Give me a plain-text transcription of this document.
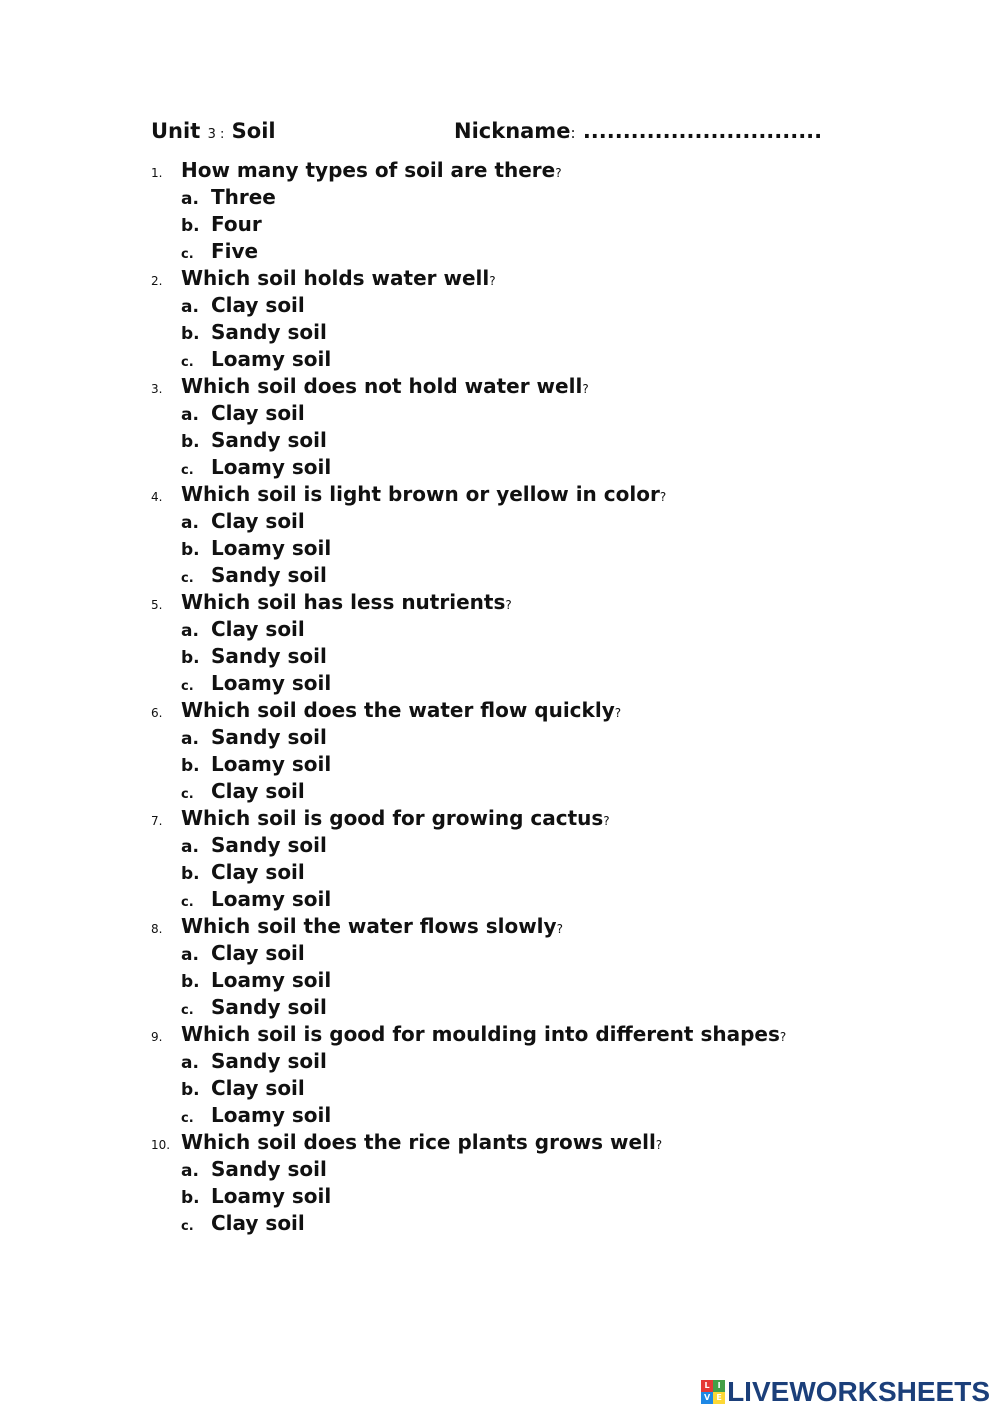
Unit 3 : Soil	Nickname: ..............................
1. How many types of soil are there?
a. Three
b. Four
c. Five
2. Which soil holds water well?
a. Clay soil
b. Sandy soil
c. Loamy soil
3. Which soil does not hold water well?
a. Clay soil
b. Sandy soil
c. Loamy soil
4. Which soil is light brown or yellow in color?
a. Clay soil
b. Loamy soil
c. Sandy soil
5. Which soil has less nutrients?
a. Clay soil
b. Sandy soil
c. Loamy soil
6. Which soil does the water flow quickly?
a. Sandy soil
b. Loamy soil
c. Clay soil
7. Which soil is good for growing cactus?
a. Sandy soil
b. Clay soil
c. Loamy soil
8. Which soil the water flows slowly?
a. Clay soil
b. Loamy soil
c. Sandy soil
9. Which soil is good for moulding into different shapes?
a. Sandy soil
b. Clay soil
c. Loamy soil
10. Which soil does the rice plants grows well?
a. Sandy soil
b. Loamy soil
c. Clay soil
L I
V E LIVEWORKSHEETS
